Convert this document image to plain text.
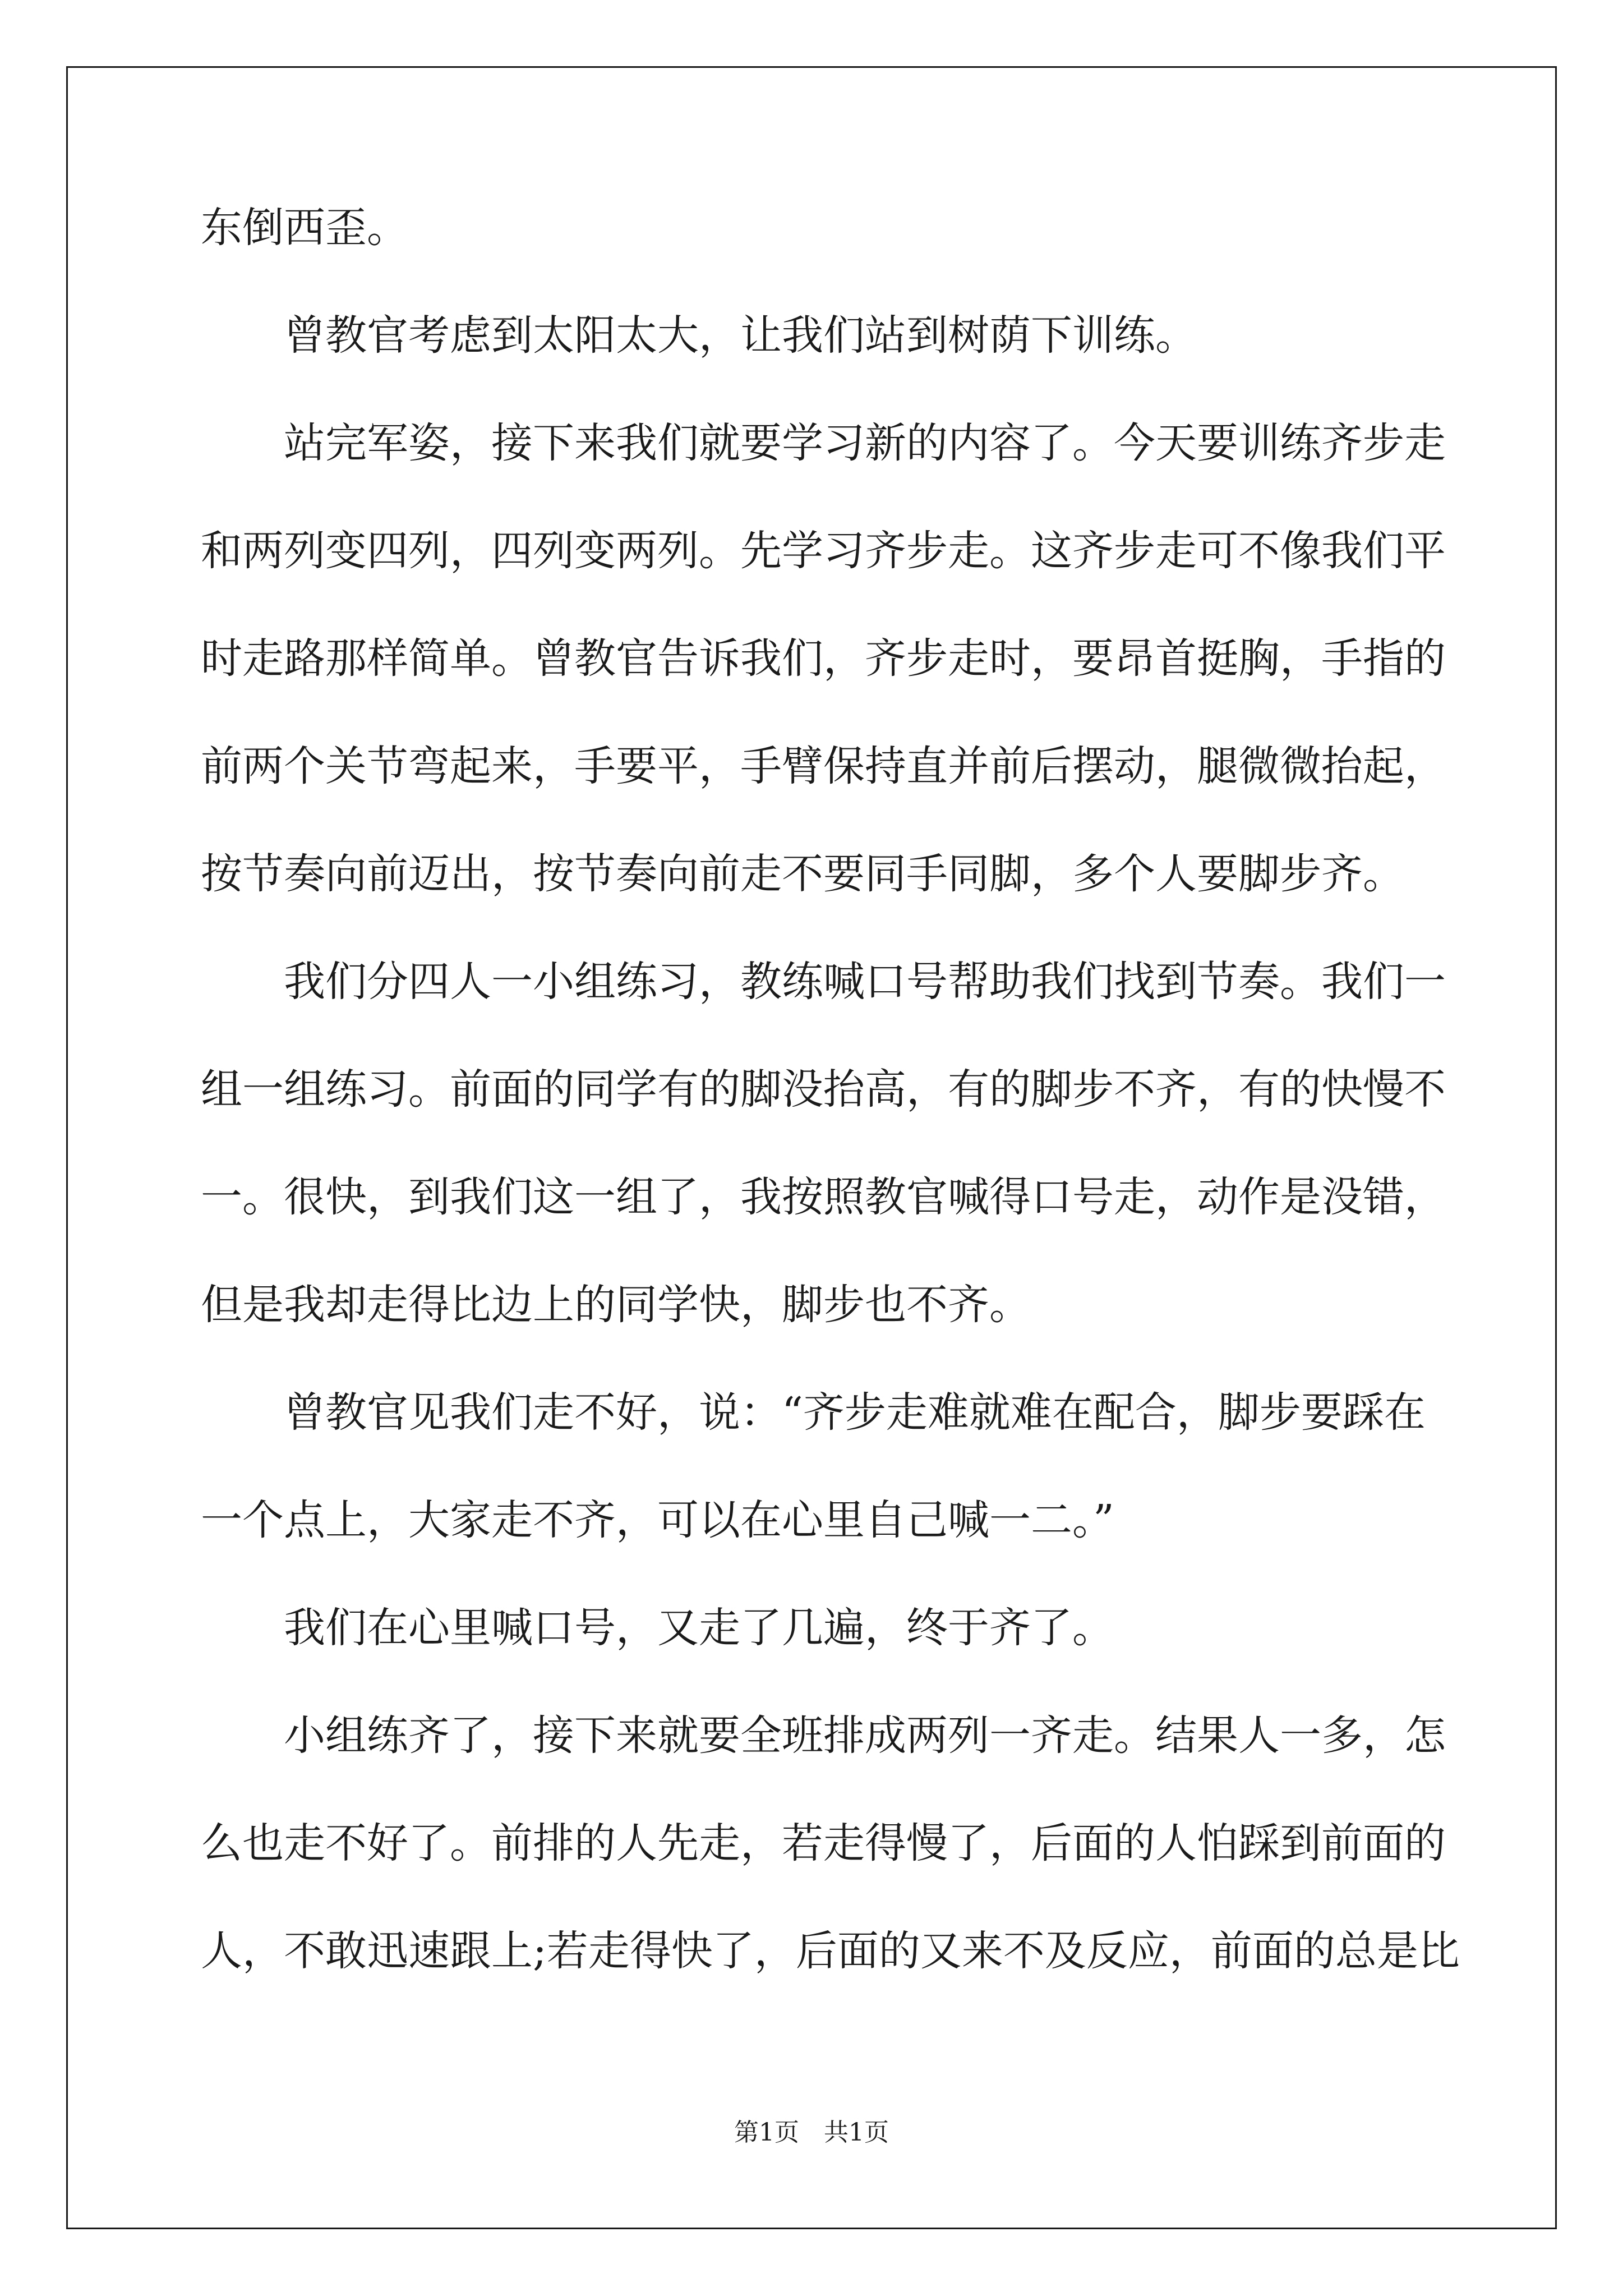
东倒西歪。
曾教官考虑到太阳太大，让我们站到树荫下训练。
站完军姿，接下来我们就要学习新的内容了。今天要训练齐步走
和两列变四列，四列变两列。先学习齐步走。这齐步走可不像我们平
时走路那样简单。曾教官告诉我们，齐步走时，要昂首挺胸，手指的
前两个关节弯起来，手要平，手臂保持直并前后摆动，腿微微抬起，
按节奏向前迈出，按节奏向前走不要同手同脚，多个人要脚步齐。
我们分四人一小组练习，教练喊口号帮助我们找到节奏。我们一
组一组练习。前面的同学有的脚没抬高，有的脚步不齐，有的快慢不
一。很快，到我们这一组了，我按照教官喊得口号走，动作是没错，
但是我却走得比边上的同学快，脚步也不齐。
曾教官见我们走不好，说：“齐步走难就难在配合，脚步要踩在
一个点上，大家走不齐，可以在心里自己喊一二。”
我们在心里喊口号，又走了几遍，终于齐了。
小组练齐了，接下来就要全班排成两列一齐走。结果人一多，怎
么也走不好了。前排的人先走，若走得慢了，后面的人怕踩到前面的
人，不敢迅速跟上;若走得快了，后面的又来不及反应，前面的总是比
第1页　共1页
